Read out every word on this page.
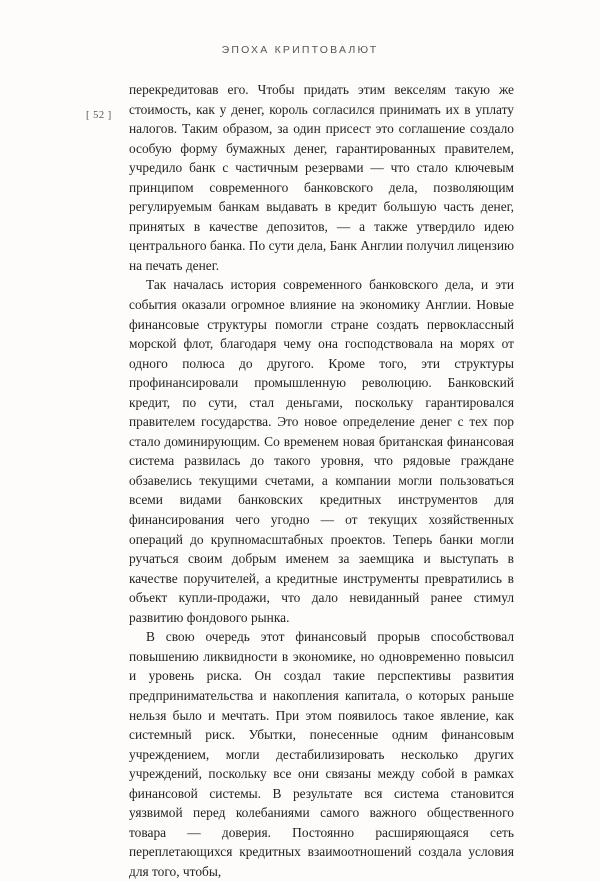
ЭПОХА КРИПТОВАЛЮТ
[ 52 ]

перекредитовав его. Чтобы придать этим векселям такую же стоимость, как у денег, король согласился принимать их в уплату налогов. Таким образом, за один присест это соглашение создало особую форму бумажных денег, гарантированных правителем, учредило банк с частичным резервами — что стало ключевым принципом современного банковского дела, позволяющим регулируемым банкам выдавать в кредит большую часть денег, принятых в качестве депозитов, — а также утвердило идею центрального банка. По сути дела, Банк Англии получил лицензию на печать денег.

Так началась история современного банковского дела, и эти события оказали огромное влияние на экономику Англии. Новые финансовые структуры помогли стране создать первоклассный морской флот, благодаря чему она господствовала на морях от одного полюса до другого. Кроме того, эти структуры профинансировали промышленную революцию. Банковский кредит, по сути, стал деньгами, поскольку гарантировался правителем государства. Это новое определение денег с тех пор стало доминирующим. Со временем новая британская финансовая система развилась до такого уровня, что рядовые граждане обзавелись текущими счетами, а компании могли пользоваться всеми видами банковских кредитных инструментов для финансирования чего угодно — от текущих хозяйственных операций до крупномасштабных проектов. Теперь банки могли ручаться своим добрым именем за заемщика и выступать в качестве поручителей, а кредитные инструменты превратились в объект купли-продажи, что дало невиданный ранее стимул развитию фондового рынка.

В свою очередь этот финансовый прорыв способствовал повышению ликвидности в экономике, но одновременно повысил и уровень риска. Он создал такие перспективы развития предпринимательства и накопления капитала, о которых раньше нельзя было и мечтать. При этом появилось такое явление, как системный риск. Убытки, понесенные одним финансовым учреждением, могли дестабилизировать несколько других учреждений, поскольку все они связаны между собой в рамках финансовой системы. В результате вся система становится уязвимой перед колебаниями самого важного общественного товара — доверия. Постоянно расширяющаяся сеть переплетающихся кредитных взаимоотношений создала условия для того, чтобы,
